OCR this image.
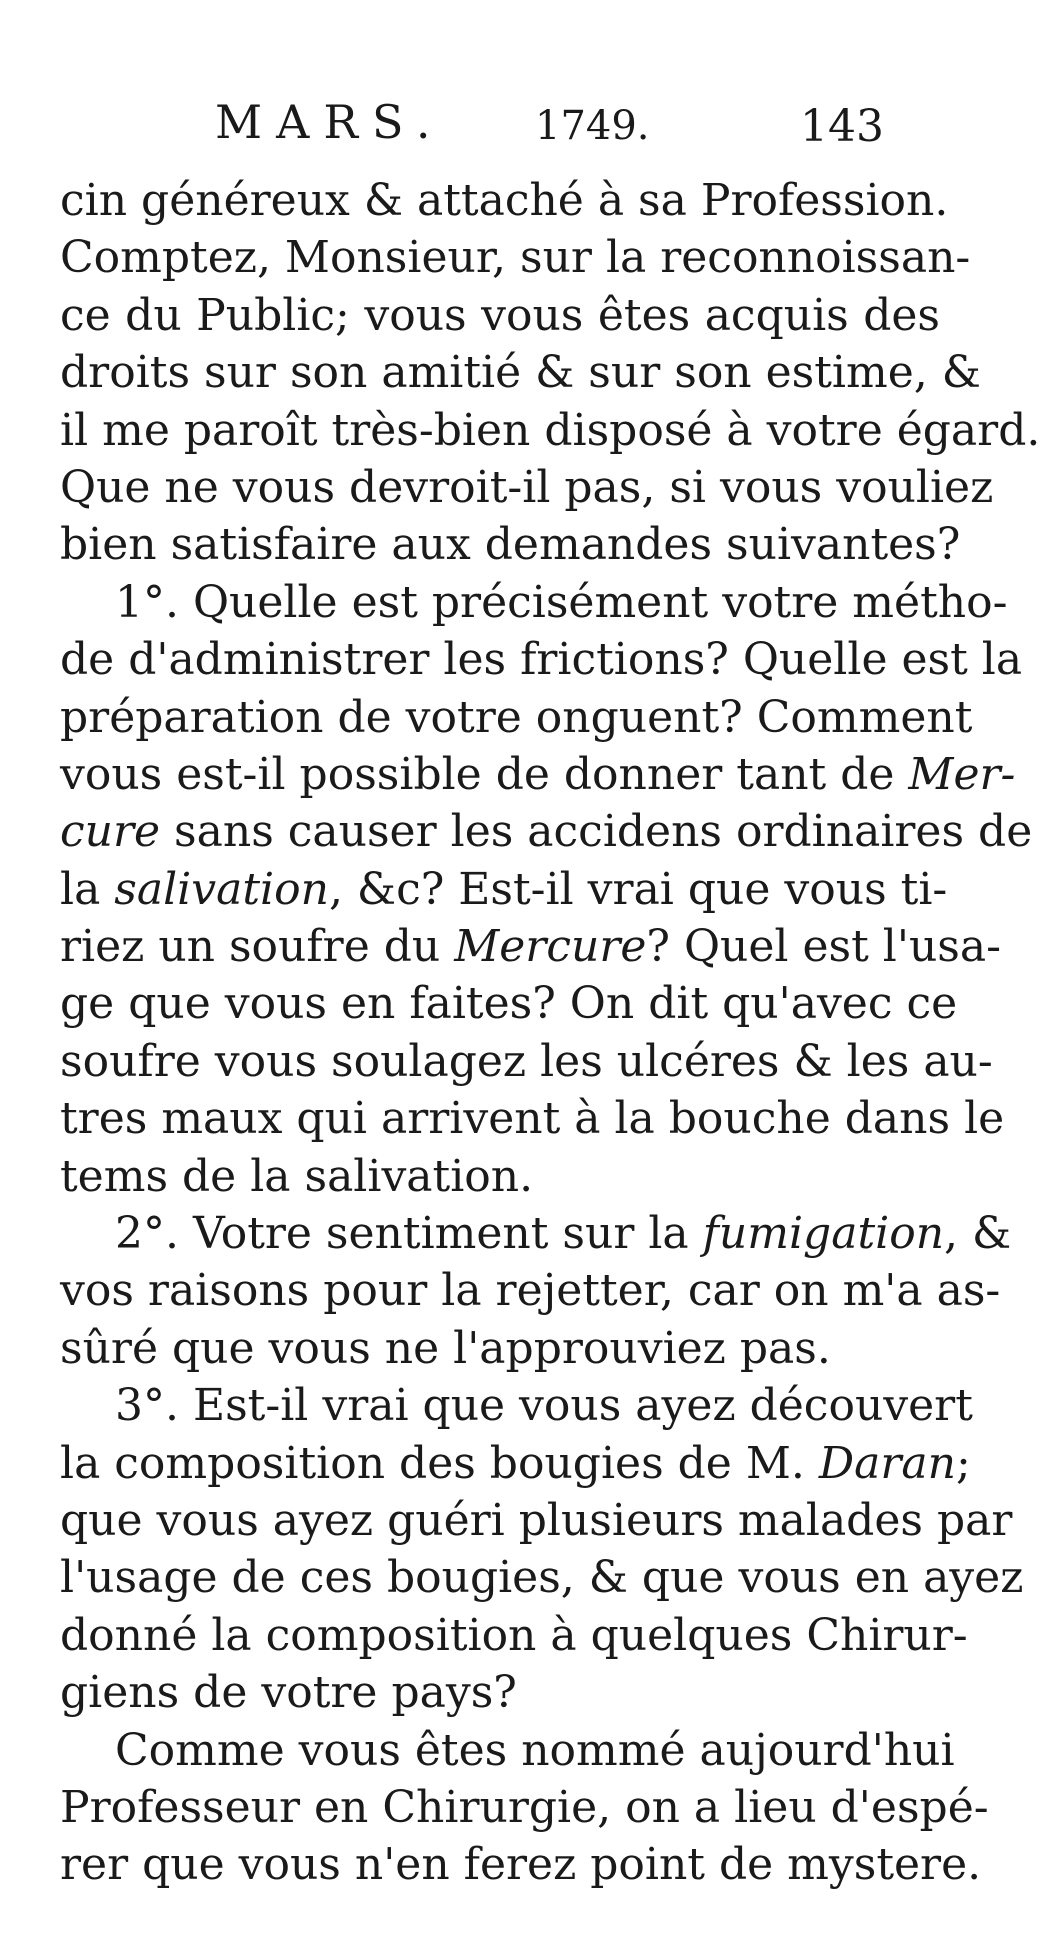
MARS. 1749.	143
cin généreux & attaché à sa Profession.
Comptez, Monsieur, sur la reconnoissan-
ce du Public; vous vous êtes acquis des
droits sur son amitié & sur son estime, &
il me paroît très-bien disposé à votre égard.
Que ne vous devroit-il pas, si vous vouliez
bien satisfaire aux demandes suivantes?
1°. Quelle est précisément votre métho-
de d'administrer les frictions? Quelle est la
préparation de votre onguent? Comment
vous est-il possible de donner tant de Mer-
cure sans causer les accidens ordinaires de
la salivation, &c? Est-il vrai que vous ti-
riez un soufre du Mercure? Quel est l'usa-
ge que vous en faites? On dit qu'avec ce
soufre vous soulagez les ulcéres & les au-
tres maux qui arrivent à la bouche dans le
tems de la salivation.
2°. Votre sentiment sur la fumigation, &
vos raisons pour la rejetter, car on m'a as-
sûré que vous ne l'approuviez pas.
3°. Est-il vrai que vous ayez découvert
la composition des bougies de M. Daran;
que vous ayez guéri plusieurs malades par
l'usage de ces bougies, & que vous en ayez
donné la composition à quelques Chirur-
giens de votre pays?
Comme vous êtes nommé aujourd'hui
Professeur en Chirurgie, on a lieu d'espé-
rer que vous n'en ferez point de mystere.
